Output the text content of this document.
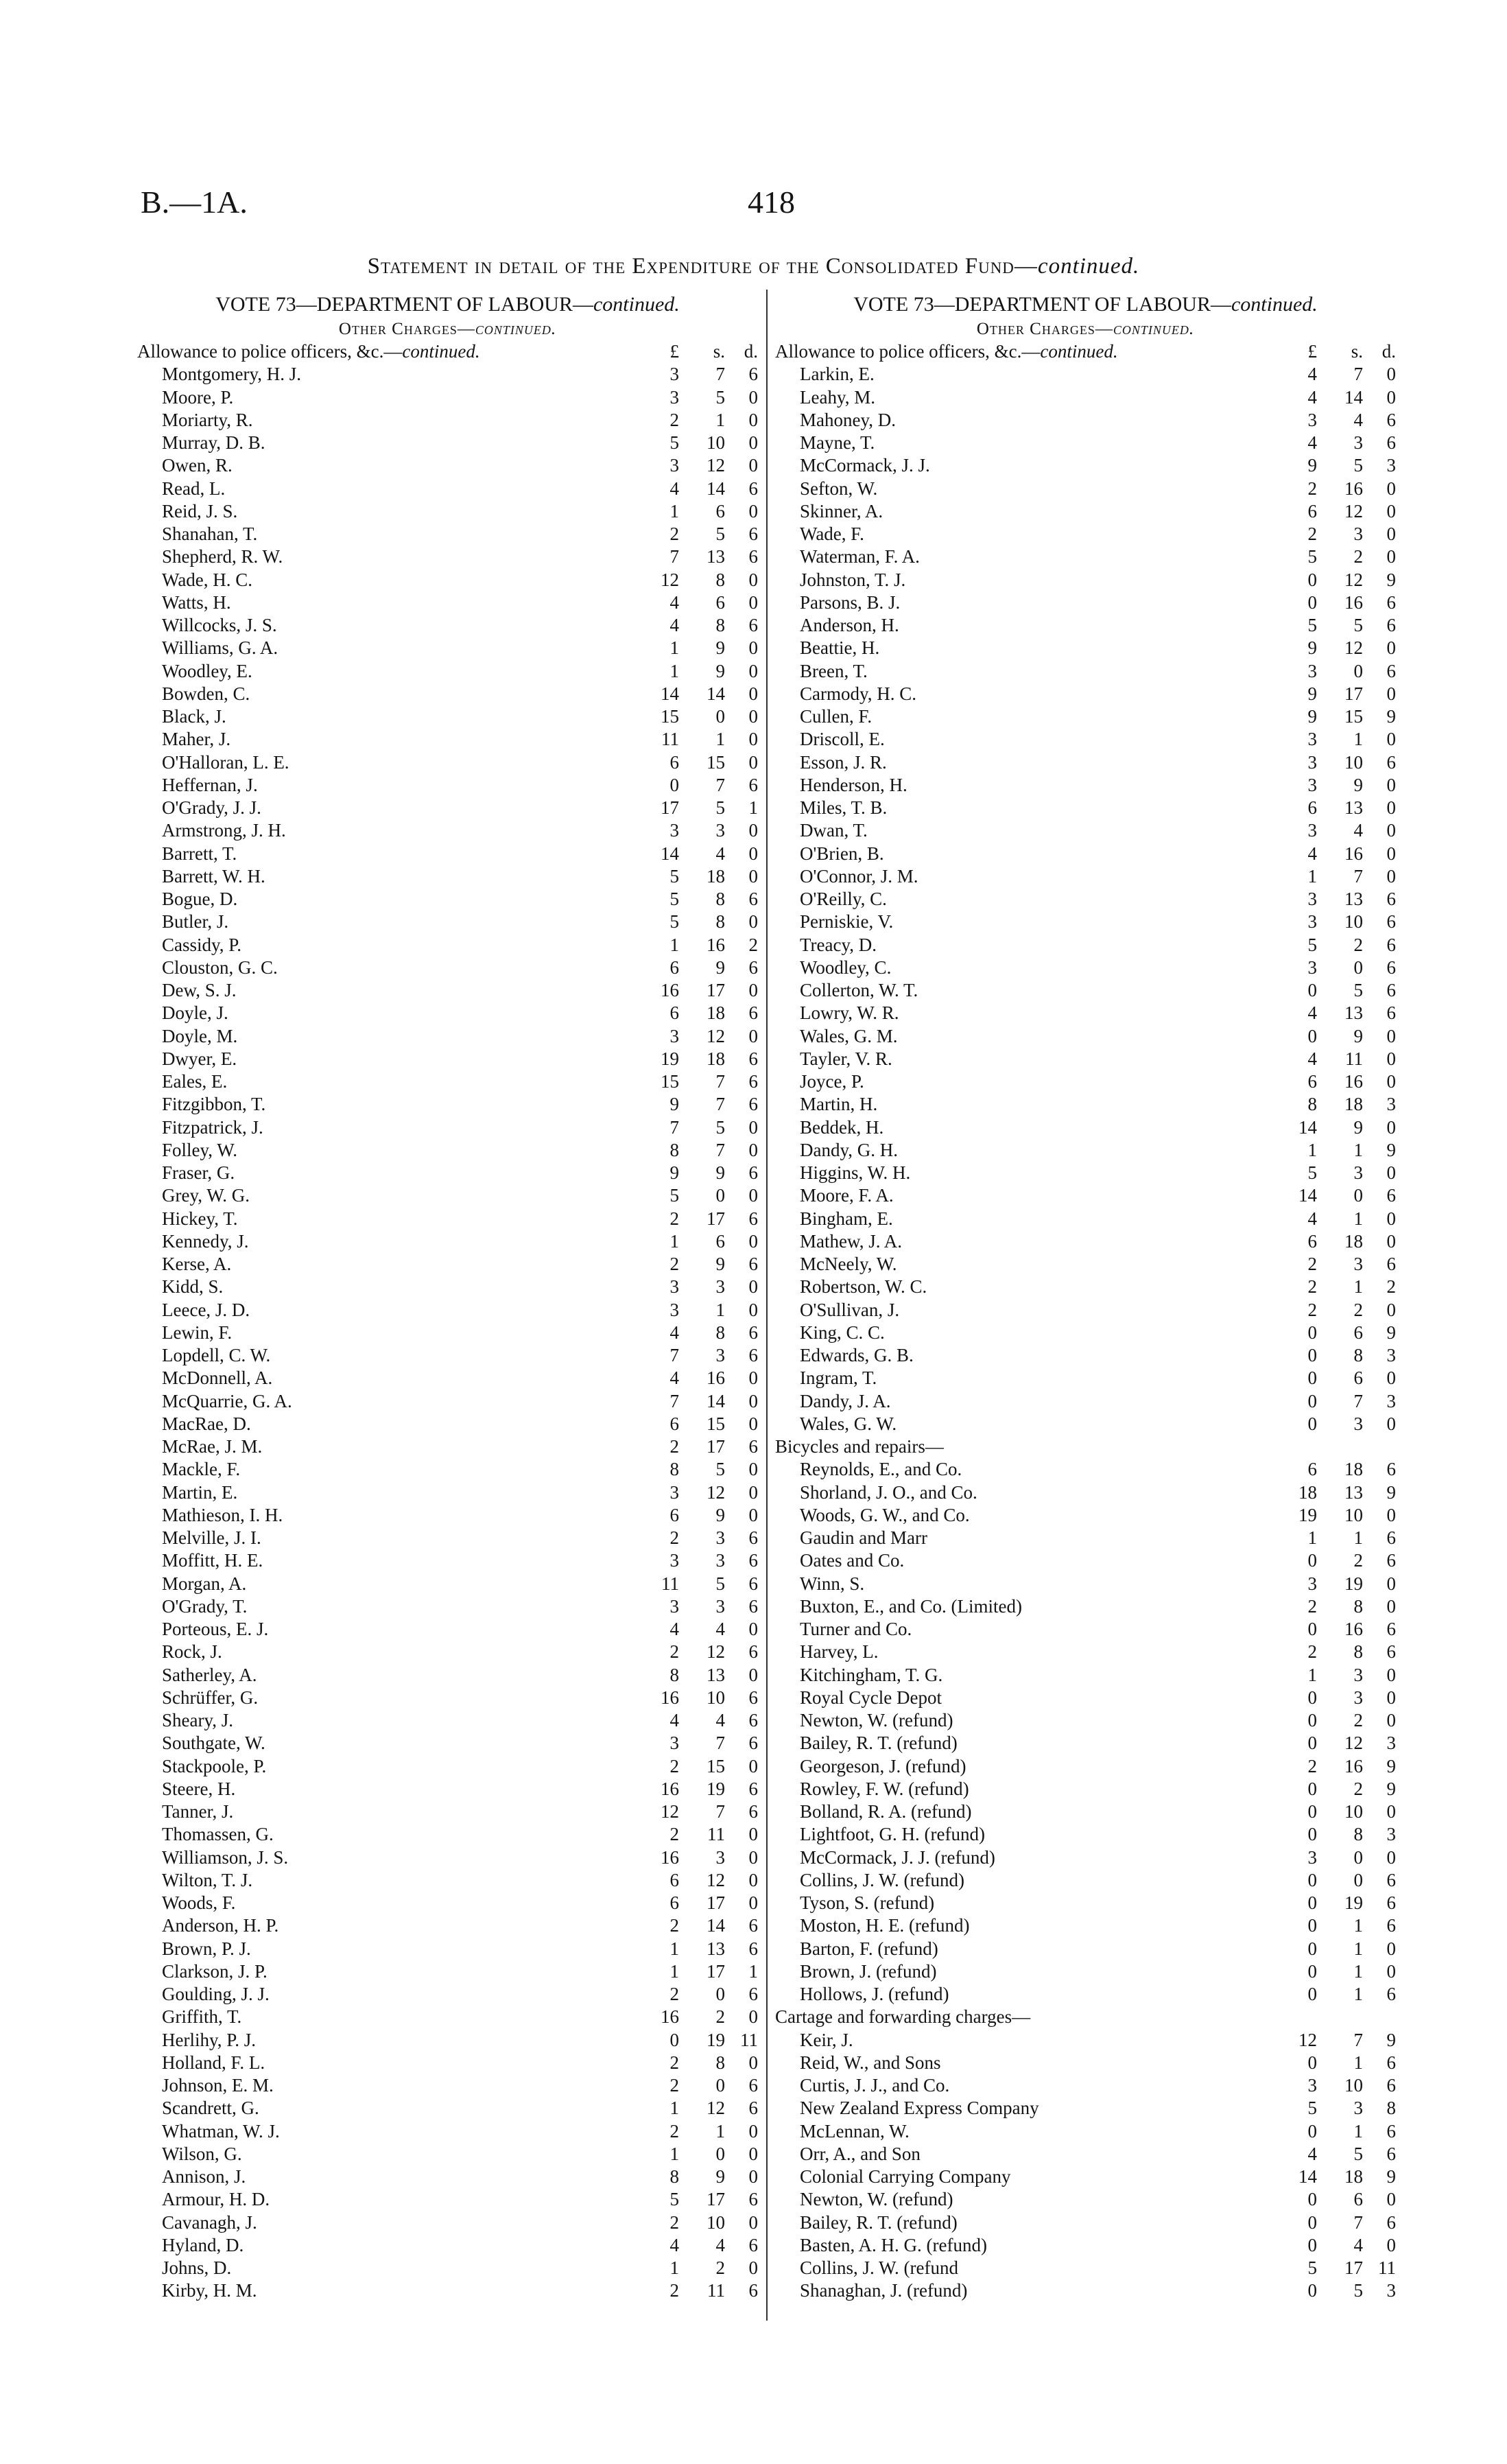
B.—1A.	418
Statement in detail of the Expenditure of the Consolidated Fund—continued.
VOTE 73—DEPARTMENT OF LABOUR—continued.
Other Charges—continued.
Allowance to police officers, &c.—continued.	£	s.	d.
Montgomery, H. J.	3	7	6
Moore, P.	3	5	0
Moriarty, R.	2	1	0
Murray, D. B.	5	10	0
Owen, R.	3	12	0
Read, L.	4	14	6
Reid, J. S.	1	6	0
Shanahan, T.	2	5	6
Shepherd, R. W.	7	13	6
Wade, H. C.	12	8	0
Watts, H.	4	6	0
Willcocks, J. S.	4	8	6
Williams, G. A.	1	9	0
Woodley, E.	1	9	0
Bowden, C.	14	14	0
Black, J.	15	0	0
Maher, J.	11	1	0
O'Halloran, L. E.	6	15	0
Heffernan, J.	0	7	6
O'Grady, J. J.	17	5	1
Armstrong, J. H.	3	3	0
Barrett, T.	14	4	0
Barrett, W. H.	5	18	0
Bogue, D.	5	8	6
Butler, J.	5	8	0
Cassidy, P.	1	16	2
Clouston, G. C.	6	9	6
Dew, S. J.	16	17	0
Doyle, J.	6	18	6
Doyle, M.	3	12	0
Dwyer, E.	19	18	6
Eales, E.	15	7	6
Fitzgibbon, T.	9	7	6
Fitzpatrick, J.	7	5	0
Folley, W.	8	7	0
Fraser, G.	9	9	6
Grey, W. G.	5	0	0
Hickey, T.	2	17	6
Kennedy, J.	1	6	0
Kerse, A.	2	9	6
Kidd, S.	3	3	0
Leece, J. D.	3	1	0
Lewin, F.	4	8	6
Lopdell, C. W.	7	3	6
McDonnell, A.	4	16	0
McQuarrie, G. A.	7	14	0
MacRae, D.	6	15	0
McRae, J. M.	2	17	6
Mackle, F.	8	5	0
Martin, E.	3	12	0
Mathieson, I. H.	6	9	0
Melville, J. I.	2	3	6
Moffitt, H. E.	3	3	6
Morgan, A.	11	5	6
O'Grady, T.	3	3	6
Porteous, E. J.	4	4	0
Rock, J.	2	12	6
Satherley, A.	8	13	0
Schrüffer, G.	16	10	6
Sheary, J.	4	4	6
Southgate, W.	3	7	6
Stackpoole, P.	2	15	0
Steere, H.	16	19	6
Tanner, J.	12	7	6
Thomassen, G.	2	11	0
Williamson, J. S.	16	3	0
Wilton, T. J.	6	12	0
Woods, F.	6	17	0
Anderson, H. P.	2	14	6
Brown, P. J.	1	13	6
Clarkson, J. P.	1	17	1
Goulding, J. J.	2	0	6
Griffith, T.	16	2	0
Herlihy, P. J.	0	19 11
Holland, F. L.	2	8	0
Johnson, E. M.	2	0	6
Scandrett, G.	1	12	6
Whatman, W. J.	2	1	0
Wilson, G.	1	0	0
Annison, J.	8	9	0
Armour, H. D.	5	17	6
Cavanagh, J.	2	10	0
Hyland, D.	4	4	6
Johns, D.	1	2	0
Kirby, H. M.	2	11	6
VOTE 73—DEPARTMENT OF LABOUR—continued.
Other Charges—continued.
Allowance to police officers, &c.—continued.	£	s.	d.
Larkin, E.	4	7	0
Leahy, M.	4	14	0
Mahoney, D.	3	4	6
Mayne, T.	4	3	6
McCormack, J. J.	9	5	3
Sefton, W.	2	16	0
Skinner, A.	6	12	0
Wade, F.	2	3	0
Waterman, F. A.	5	2	0
Johnston, T. J.	0	12	9
Parsons, B. J.	0	16	6
Anderson, H.	5	5	6
Beattie, H.	9	12	0
Breen, T.	3	0	6
Carmody, H. C.	9	17	0
Cullen, F.	9	15	9
Driscoll, E.	3	1	0
Esson, J. R.	3	10	6
Henderson, H.	3	9	0
Miles, T. B.	6	13	0
Dwan, T.	3	4	0
O'Brien, B.	4	16	0
O'Connor, J. M.	1	7	0
O'Reilly, C.	3	13	6
Perniskie, V.	3	10	6
Treacy, D.	5	2	6
Woodley, C.	3	0	6
Collerton, W. T.	0	5	6
Lowry, W. R.	4	13	6
Wales, G. M.	0	9	0
Tayler, V. R.	4	11	0
Joyce, P.	6	16	0
Martin, H.	8	18	3
Beddek, H.	14	9	0
Dandy, G. H.	1	1	9
Higgins, W. H.	5	3	0
Moore, F. A.	14	0	6
Bingham, E.	4	1	0
Mathew, J. A.	6	18	0
McNeely, W.	2	3	6
Robertson, W. C.	2	1	2
O'Sullivan, J.	2	2	0
King, C. C.	0	6	9
Edwards, G. B.	0	8	3
Ingram, T.	0	6	0
Dandy, J. A.	0	7	3
Wales, G. W.	0	3	0
Bicycles and repairs—
Reynolds, E., and Co.	6	18	6
Shorland, J. O., and Co.	18	13	9
Woods, G. W., and Co.	19	10	0
Gaudin and Marr	1	1	6
Oates and Co.	0	2	6
Winn, S.	3	19	0
Buxton, E., and Co. (Limited)	2	8	0
Turner and Co.	0	16	6
Harvey, L.	2	8	6
Kitchingham, T. G.	1	3	0
Royal Cycle Depot	0	3	0
Newton, W. (refund)	0	2	0
Bailey, R. T. (refund)	0	12	3
Georgeson, J. (refund)	2	16	9
Rowley, F. W. (refund)	0	2	9
Bolland, R. A. (refund)	0	10	0
Lightfoot, G. H. (refund)	0	8	3
McCormack, J. J. (refund)	3	0	0
Collins, J. W. (refund)	0	0	6
Tyson, S. (refund)	0	19	6
Moston, H. E. (refund)	0	1	6
Barton, F. (refund)	0	1	0
Brown, J. (refund)	0	1	0
Hollows, J. (refund)	0	1	6
Cartage and forwarding charges—
Keir, J.	12	7	9
Reid, W., and Sons	0	1	6
Curtis, J. J., and Co.	3	10	6
New Zealand Express Company	5	3	8
McLennan, W.	0	1	6
Orr, A., and Son	4	5	6
Colonial Carrying Company	14	18	9
Newton, W. (refund)	0	6	0
Bailey, R. T. (refund)	0	7	6
Basten, A. H. G. (refund)	0	4	0
Collins, J. W. (refund	5	17 11
Shanaghan, J. (refund)	0	5	3
